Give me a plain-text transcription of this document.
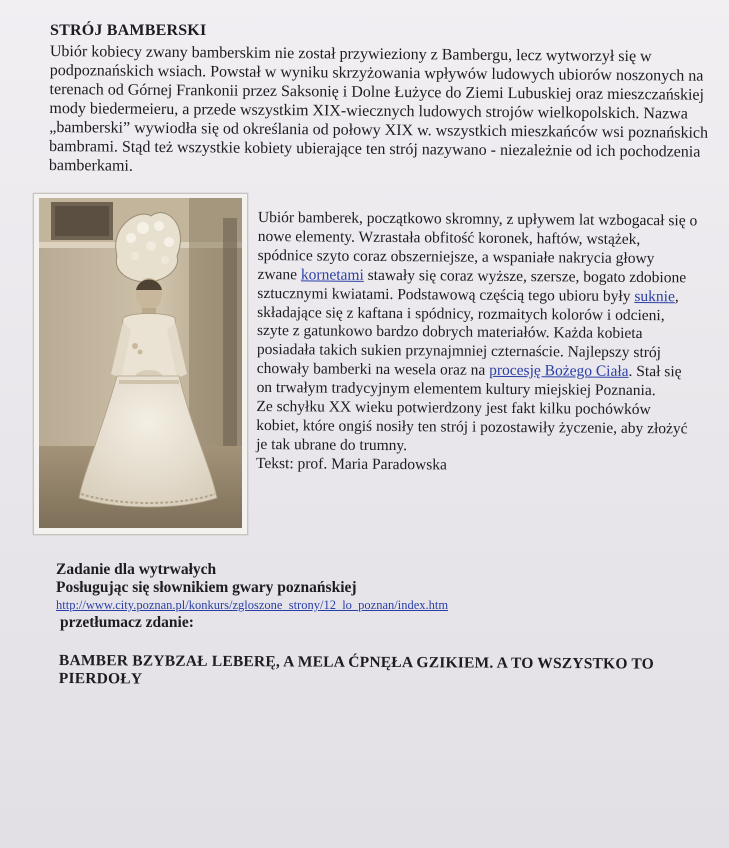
STRÓJ BAMBERSKI

Ubiór kobiecy zwany bamberskim nie został przywieziony z Bambergu, lecz wytworzył się w podpoznańskich wsiach. Powstał w wyniku skrzyżowania wpływów ludowych ubiorów noszonych na terenach od Górnej Frankonii przez Saksonię i Dolne Łużyce do Ziemi Lubuskiej oraz mieszczańskiej mody biedermeieru, a przede wszystkim XIX-wiecznych ludowych strojów wielkopolskich. Nazwa „bamberski” wywiodła się od określania od połowy XIX w. wszystkich mieszkańców wsi poznańskich bambrami. Stąd też wszystkie kobiety ubierające ten strój nazywano - niezależnie od ich pochodzenia bamberkami.

Ubiór bamberek, początkowo skromny, z upływem lat wzbogacał się o nowe elementy. Wzrastała obfitość koronek, haftów, wstążek, spódnice szyto coraz obszerniejsze, a wspaniałe nakrycia głowy zwane kornetami stawały się coraz wyższe, szersze, bogato zdobione sztucznymi kwiatami. Podstawową częścią tego ubioru były suknie, składające się z kaftana i spódnicy, rozmaitych kolorów i odcieni, szyte z gatunkowo bardzo dobrych materiałów. Każda kobieta posiadała takich sukien przynajmniej czternaście. Najlepszy strój chowały bamberki na wesela oraz na procesję Bożego Ciała. Stał się on trwałym tradycyjnym elementem kultury miejskiej Poznania.

Ze schyłku XX wieku potwierdzony jest fakt kilku pochówków kobiet, które ongiś nosiły ten strój i pozostawiły życzenie, aby złożyć je tak ubrane do trumny.

Tekst: prof. Maria Paradowska

Zadanie dla wytrwałych
Posługując się słownikiem gwary poznańskiej
http://www.city.poznan.pl/konkurs/zgloszone_strony/12_lo_poznan/index.htm
przetłumacz zdanie:
BAMBER BZYBZAŁ LEBERĘ, A MELA ĆPNĘŁA GZIKIEM. A TO WSZYSTKO TO PIERDOŁY
